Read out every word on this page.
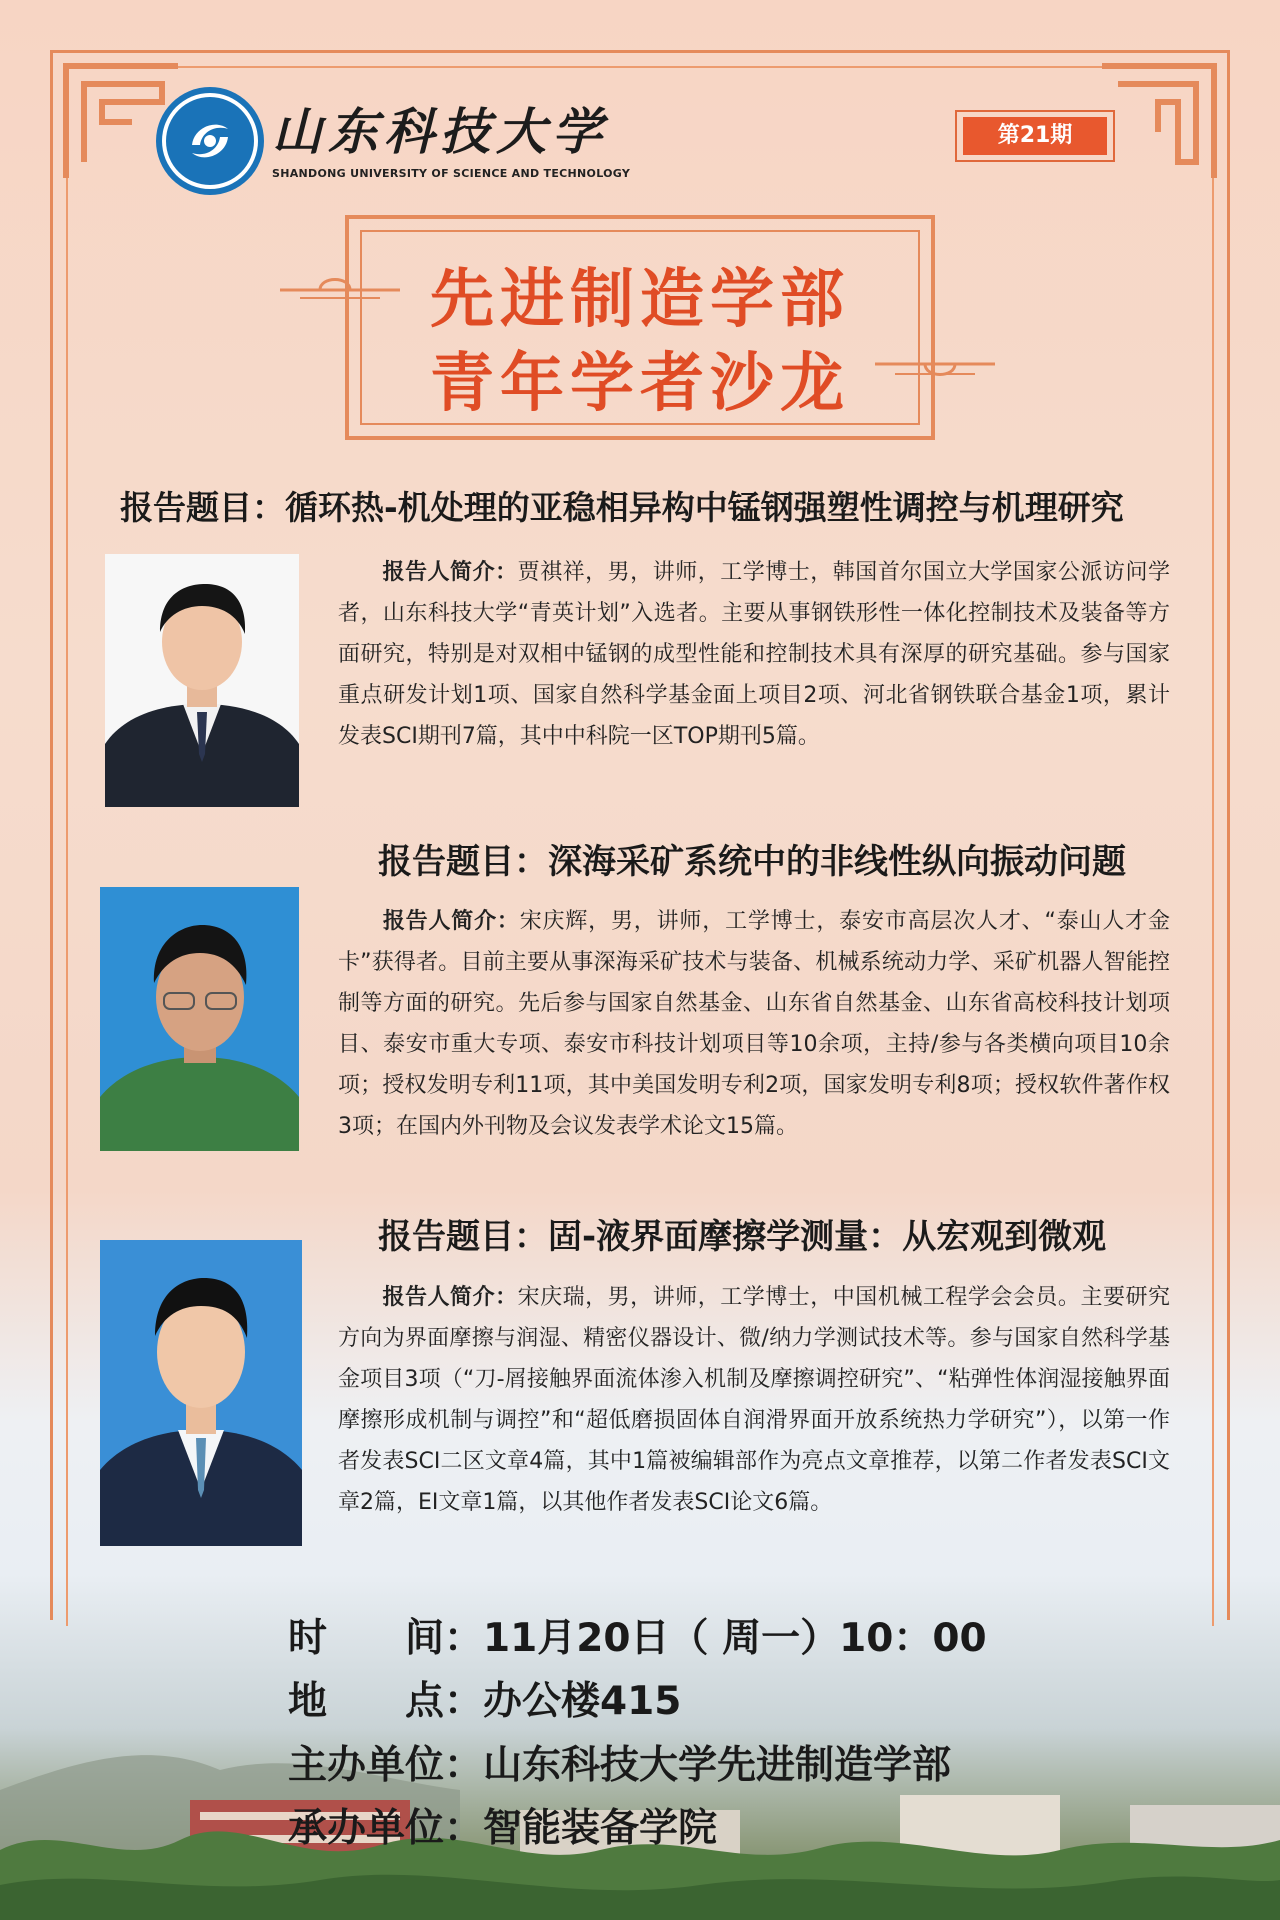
山东科技大学
SHANDONG UNIVERSITY OF SCIENCE AND TECHNOLOGY
第21期
先进制造学部
青年学者沙龙
报告题目：循环热-机处理的亚稳相异构中锰钢强塑性调控与机理研究
报告人简介：贾祺祥，男，讲师，工学博士，韩国首尔国立大学国家公派访问学者，山东科技大学“青英计划”入选者。主要从事钢铁形性一体化控制技术及装备等方面研究，特别是对双相中锰钢的成型性能和控制技术具有深厚的研究基础。参与国家重点研发计划1项、国家自然科学基金面上项目2项、河北省钢铁联合基金1项，累计发表SCI期刊7篇，其中中科院一区TOP期刊5篇。
报告题目：深海采矿系统中的非线性纵向振动问题
报告人简介：宋庆辉，男，讲师，工学博士，泰安市高层次人才、“泰山人才金卡”获得者。目前主要从事深海采矿技术与装备、机械系统动力学、采矿机器人智能控制等方面的研究。先后参与国家自然基金、山东省自然基金、山东省高校科技计划项目、泰安市重大专项、泰安市科技计划项目等10余项，主持/参与各类横向项目10余项；授权发明专利11项，其中美国发明专利2项，国家发明专利8项；授权软件著作权3项；在国内外刊物及会议发表学术论文15篇。
报告题目：固-液界面摩擦学测量：从宏观到微观
报告人简介：宋庆瑞，男，讲师，工学博士，中国机械工程学会会员。主要研究方向为界面摩擦与润湿、精密仪器设计、微/纳力学测试技术等。参与国家自然科学基金项目3项（“刀-屑接触界面流体渗入机制及摩擦调控研究”、“粘弹性体润湿接触界面摩擦形成机制与调控”和“超低磨损固体自润滑界面开放系统热力学研究”），以第一作者发表SCI二区文章4篇，其中1篇被编辑部作为亮点文章推荐，以第二作者发表SCI文章2篇，EI文章1篇，以其他作者发表SCI论文6篇。
时　　间：11月20日（ 周一）10：00
地　　点：办公楼415
主办单位：山东科技大学先进制造学部
承办单位：智能装备学院
